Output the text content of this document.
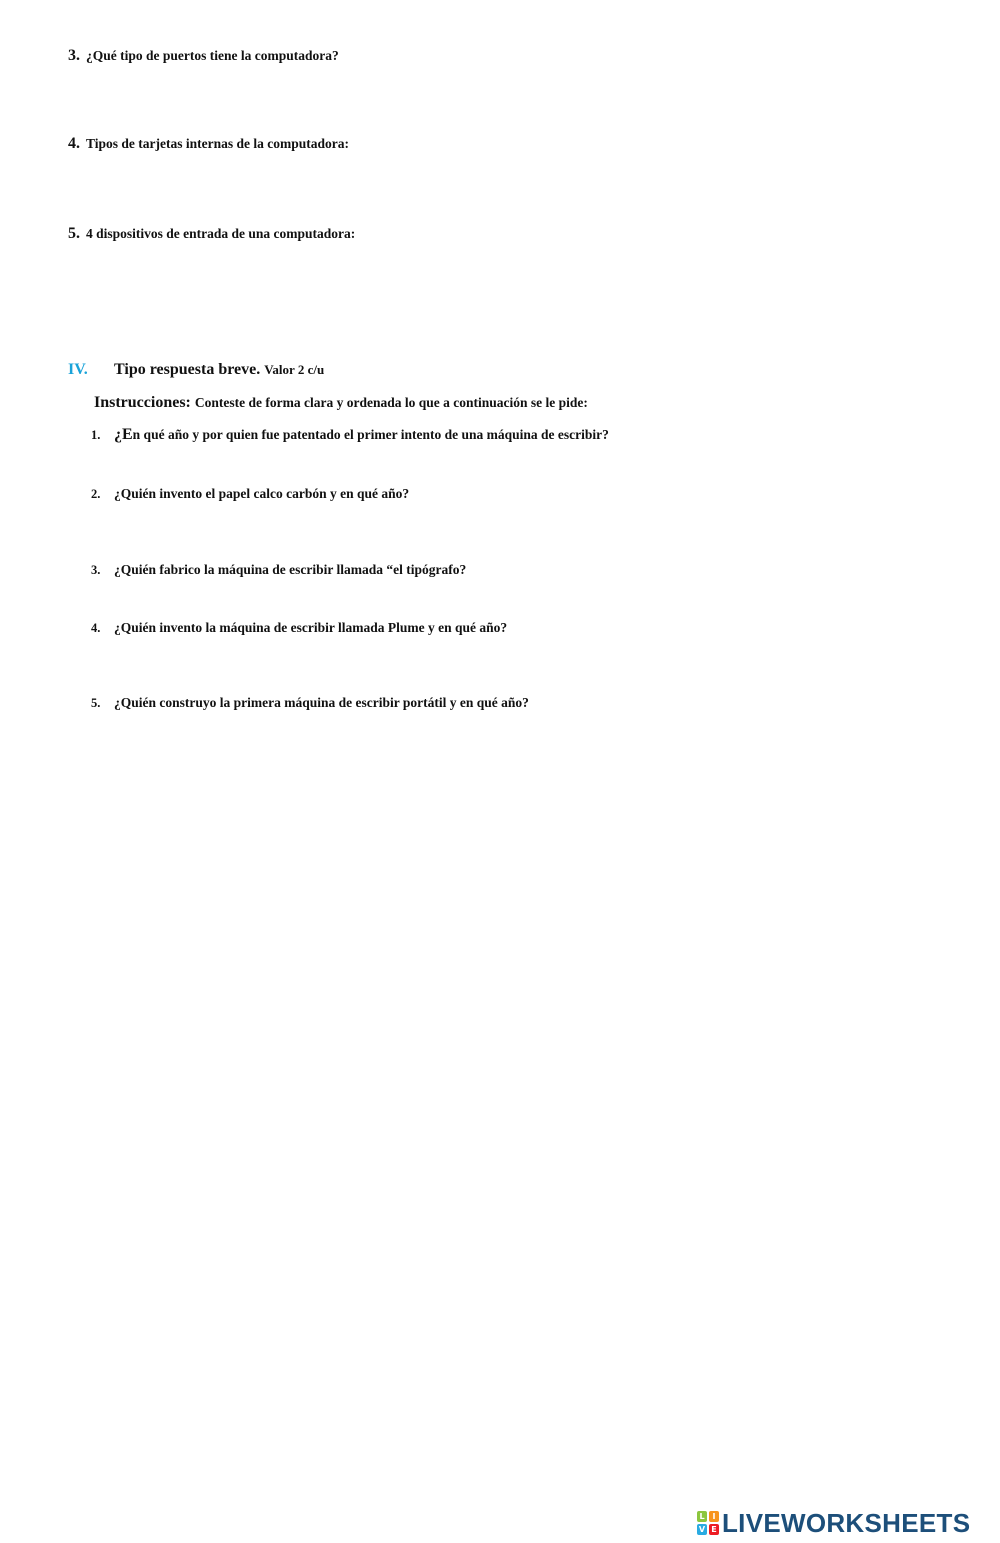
3. ¿Qué tipo de puertos tiene la computadora?
4. Tipos de tarjetas internas de la computadora:
5. 4 dispositivos de entrada de una computadora:
IV. Tipo respuesta breve. Valor 2 c/u
Instrucciones: Conteste de forma clara y ordenada lo que a continuación se le pide:
1. ¿En qué año y por quien fue patentado el primer intento de una máquina de escribir?
2. ¿Quién invento el papel calco carbón y en qué año?
3. ¿Quién fabrico la máquina de escribir llamada “el tipógrafo?
4. ¿Quién invento la máquina de escribir llamada Plume y en qué año?
5. ¿Quién construyo la primera máquina de escribir portátil y en qué año?
L I
V E LIVEWORKSHEETS
